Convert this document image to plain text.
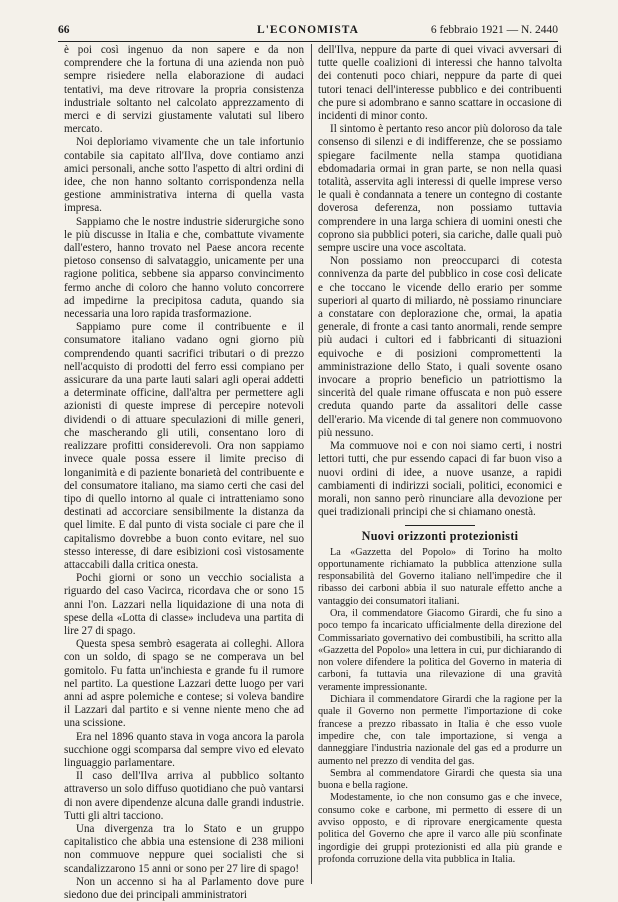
66	L'ECONOMISTA	6 febbraio 1921 — N. 2440

è poi così ingenuo da non sapere e da non comprendere che la fortuna di una azienda non può sempre risiedere nella elaborazione di audaci tentativi, ma deve ritrovare la propria consistenza industriale soltanto nel calcolato apprezzamento di merci e di servizi giustamente valutati sul libero mercato.

Noi deploriamo vivamente che un tale infortunio contabile sia capitato all'Ilva, dove contiamo anzi amici personali, anche sotto l'aspetto di altri ordini di idee, che non hanno soltanto corrispondenza nella gestione amministrativa interna di quella vasta impresa.

Sappiamo che le nostre industrie siderurgiche sono le più discusse in Italia e che, combattute vivamente dall'estero, hanno trovato nel Paese ancora recente pietoso consenso di salvataggio, unicamente per una ragione politica, sebbene sia apparso convincimento fermo anche di coloro che hanno voluto concorrere ad impedirne la precipitosa caduta, quando sia necessaria una loro rapida trasformazione.

Sappiamo pure come il contribuente e il consumatore italiano vadano ogni giorno più comprendendo quanti sacrifici tributari o di prezzo nell'acquisto di prodotti del ferro essi compiano per assicurare da una parte lauti salari agli operai addetti a determinate officine, dall'altra per permettere agli azionisti di queste imprese di percepire notevoli dividendi o di attuare speculazioni di mille generi, che mascherando gli utili, consentano loro di realizzare profitti considerevoli. Ora non sappiamo invece quale possa essere il limite preciso di longanimità e di paziente bonarietà del contribuente e del consumatore italiano, ma siamo certi che casi del tipo di quello intorno al quale ci intratteniamo sono destinati ad accorciare sensibilmente la distanza da quel limite. E dal punto di vista sociale ci pare che il capitalismo dovrebbe a buon conto evitare, nel suo stesso interesse, di dare esibizioni così vistosamente attaccabili dalla critica onesta.

Pochi giorni or sono un vecchio socialista a riguardo del caso Vacirca, ricordava che or sono 15 anni l'on. Lazzari nella liquidazione di una nota di spese della «Lotta di classe» includeva una partita di lire 27 di spago.

Questa spesa sembrò esagerata ai colleghi. Allora con un soldo, di spago se ne comperava un bel gomitolo. Fu fatta un'inchiesta e grande fu il rumore nel partito. La questione Lazzari dette luogo per vari anni ad aspre polemiche e contese; si voleva bandire il Lazzari dal partito e si venne niente meno che ad una scissione.

Era nel 1896 quanto stava in voga ancora la parola succhione oggi scomparsa dal sempre vivo ed elevato linguaggio parlamentare.

Il caso dell'Ilva arriva al pubblico soltanto attraverso un solo diffuso quotidiano che può vantarsi di non avere dipendenze alcuna dalle grandi industrie. Tutti gli altri tacciono.

Una divergenza tra lo Stato e un gruppo capitalistico che abbia una estensione di 238 milioni non commuove neppure quei socialisti che si scandalizzarono 15 anni or sono per 27 lire di spago!

Non un accenno si ha al Parlamento dove pure siedono due dei principali amministratori

dell'Ilva, neppure da parte di quei vivaci avversari di tutte quelle coalizioni di interessi che hanno talvolta dei contenuti poco chiari, neppure da parte di quei tutori tenaci dell'interesse pubblico e dei contribuenti che pure si adombrano e sanno scattare in occasione di incidenti di minor conto.

Il sintomo è pertanto reso ancor più doloroso da tale consenso di silenzi e di indifferenze, che se possiamo spiegare facilmente nella stampa quotidiana ebdomadaria ormai in gran parte, se non nella quasi totalità, asservita agli interessi di quelle imprese verso le quali è condannata a tenere un contegno di costante doverosa deferenza, non possiamo tuttavia comprendere in una larga schiera di uomini onesti che coprono sia pubblici poteri, sia cariche, dalle quali può sempre uscire una voce ascoltata.

Non possiamo non preoccuparci di cotesta connivenza da parte del pubblico in cose così delicate e che toccano le vicende dello erario per somme superiori al quarto di miliardo, nè possiamo rinunciare a constatare con deplorazione che, ormai, la apatia generale, di fronte a casi tanto anormali, rende sempre più audaci i cultori ed i fabbricanti di situazioni equivoche e di posizioni compromettenti la amministrazione dello Stato, i quali sovente osano invocare a proprio beneficio un patriottismo la sincerità del quale rimane offuscata e non può essere creduta quando parte da assalitori delle casse dell'erario. Ma vicende di tal genere non commuovono più nessuno.

Ma commuove noi e con noi siamo certi, i nostri lettori tutti, che pur essendo capaci di far buon viso a nuovi ordini di idee, a nuove usanze, a rapidi cambiamenti di indirizzi sociali, politici, economici e morali, non sanno però rinunciare alla devozione per quei tradizionali principi che si chiamano onestà.

Nuovi orizzonti protezionisti

La «Gazzetta del Popolo» di Torino ha molto opportunamente richiamato la pubblica attenzione sulla responsabilità del Governo italiano nell'impedire che il ribasso dei carboni abbia il suo naturale effetto anche a vantaggio dei consumatori italiani.

Ora, il commendatore Giacomo Girardi, che fu sino a poco tempo fa incaricato ufficialmente della direzione del Commissariato governativo dei combustibili, ha scritto alla «Gazzetta del Popolo» una lettera in cui, pur dichiarando di non volere difendere la politica del Governo in materia di carboni, fa tuttavia una rilevazione di una gravità veramente impressionante.

Dichiara il commendatore Girardi che la ragione per la quale il Governo non permette l'importazione di coke francese a prezzo ribassato in Italia è che esso vuole impedire che, con tale importazione, si venga a danneggiare l'industria nazionale del gas ed a produrre un aumento nel prezzo di vendita del gas.

Sembra al commendatore Girardi che questa sia una buona e bella ragione.

Modestamente, io che non consumo gas e che invece, consumo coke e carbone, mi permetto di essere di un avviso opposto, e di riprovare energicamente questa politica del Governo che apre il varco alle più sconfinate ingordigie dei gruppi protezionisti ed alla più grande e profonda corruzione della vita pubblica in Italia.
